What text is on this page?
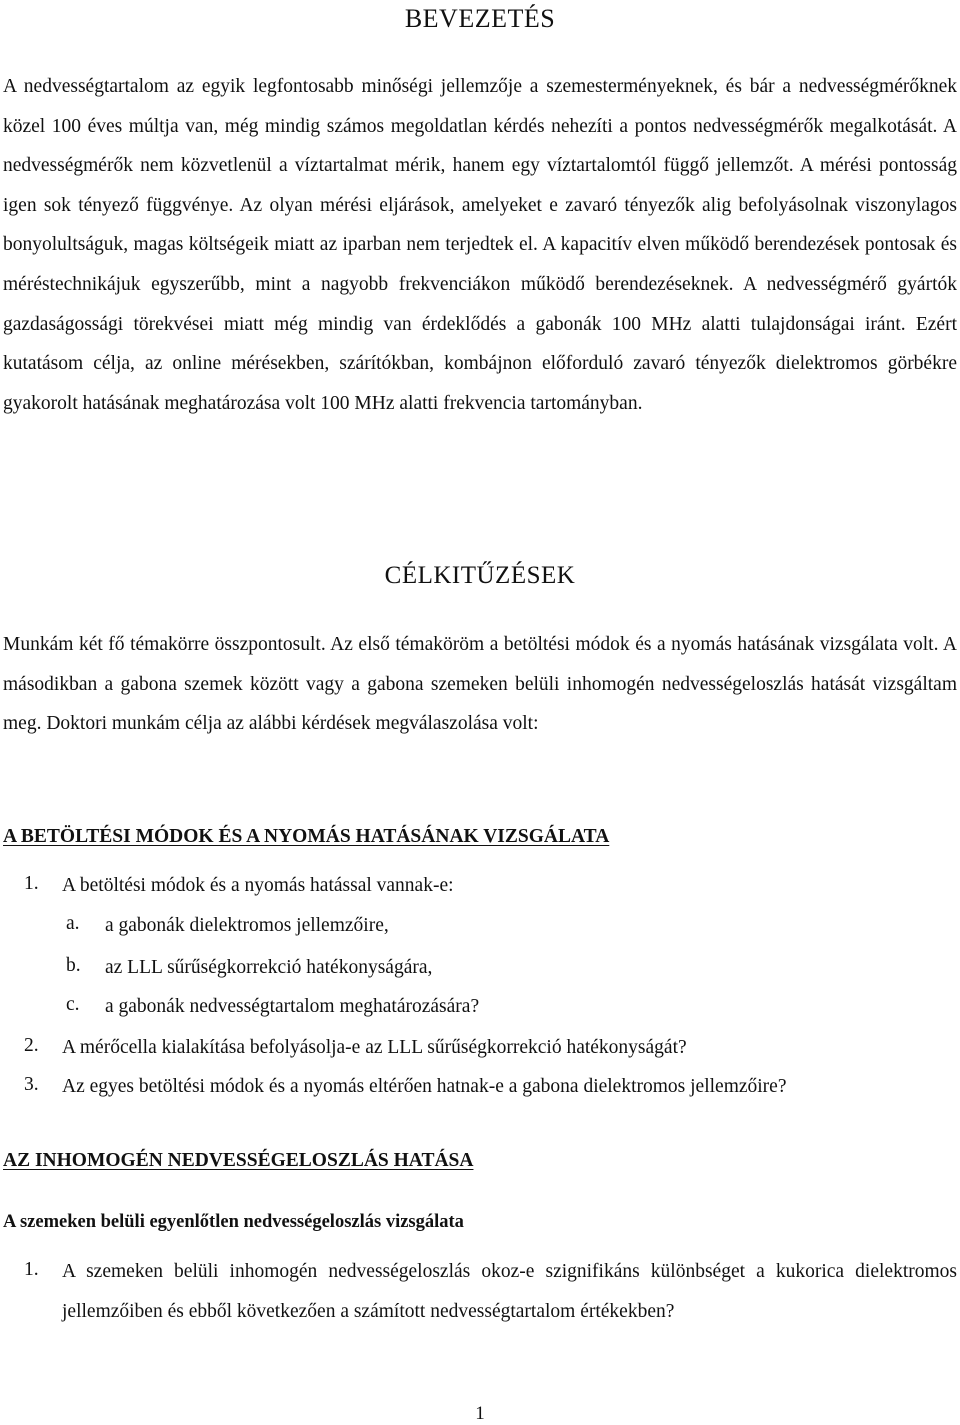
BEVEZETÉS

A nedvességtartalom az egyik legfontosabb minőségi jellemzője a szemesterményeknek, és bár a nedvességmérőknek közel 100 éves múltja van, még mindig számos megoldatlan kérdés nehezíti a pontos nedvességmérők megalkotását. A nedvességmérők nem közvetlenül a víztartalmat mérik, hanem egy víztartalomtól függő jellemzőt. A mérési pontosság igen sok tényező függvénye. Az olyan mérési eljárások, amelyeket e zavaró tényezők alig befolyásolnak viszonylagos bonyolultságuk, magas költségeik miatt az iparban nem terjedtek el. A kapacitív elven működő berendezések pontosak és méréstechnikájuk egyszerűbb, mint a nagyobb frekvenciákon működő berendezéseknek. A nedvességmérő gyártók gazdaságossági törekvései miatt még mindig van érdeklődés a gabonák 100 MHz alatti tulajdonságai iránt. Ezért kutatásom célja, az online mérésekben, szárítókban, kombájnon előforduló zavaró tényezők dielektromos görbékre gyakorolt hatásának meghatározása volt 100 MHz alatti frekvencia tartományban.

CÉLKITŰZÉSEK

Munkám két fő témakörre összpontosult. Az első témaköröm a betöltési módok és a nyomás hatásának vizsgálata volt. A másodikban a gabona szemek között vagy a gabona szemeken belüli inhomogén nedvességeloszlás hatását vizsgáltam meg. Doktori munkám célja az alábbi kérdések megválaszolása volt:

A BETÖLTÉSI MÓDOK ÉS A NYOMÁS HATÁSÁNAK VIZSGÁLATA
1.	A betöltési módok és a nyomás hatással vannak-e:
a.	a gabonák dielektromos jellemzőire,
b.	az LLL sűrűségkorrekció hatékonyságára,
c.	a gabonák nedvességtartalom meghatározására?
2.	A mérőcella kialakítása befolyásolja-e az LLL sűrűségkorrekció hatékonyságát?
3.	Az egyes betöltési módok és a nyomás eltérően hatnak-e a gabona dielektromos jellemzőire?
AZ INHOMOGÉN NEDVESSÉGELOSZLÁS HATÁSA
A szemeken belüli egyenlőtlen nedvességeloszlás vizsgálata
1.	A szemeken belüli inhomogén nedvességeloszlás okoz-e szignifikáns különbséget a kukorica dielektromos jellemzőiben és ebből következően a számított nedvességtartalom értékekben?

1
